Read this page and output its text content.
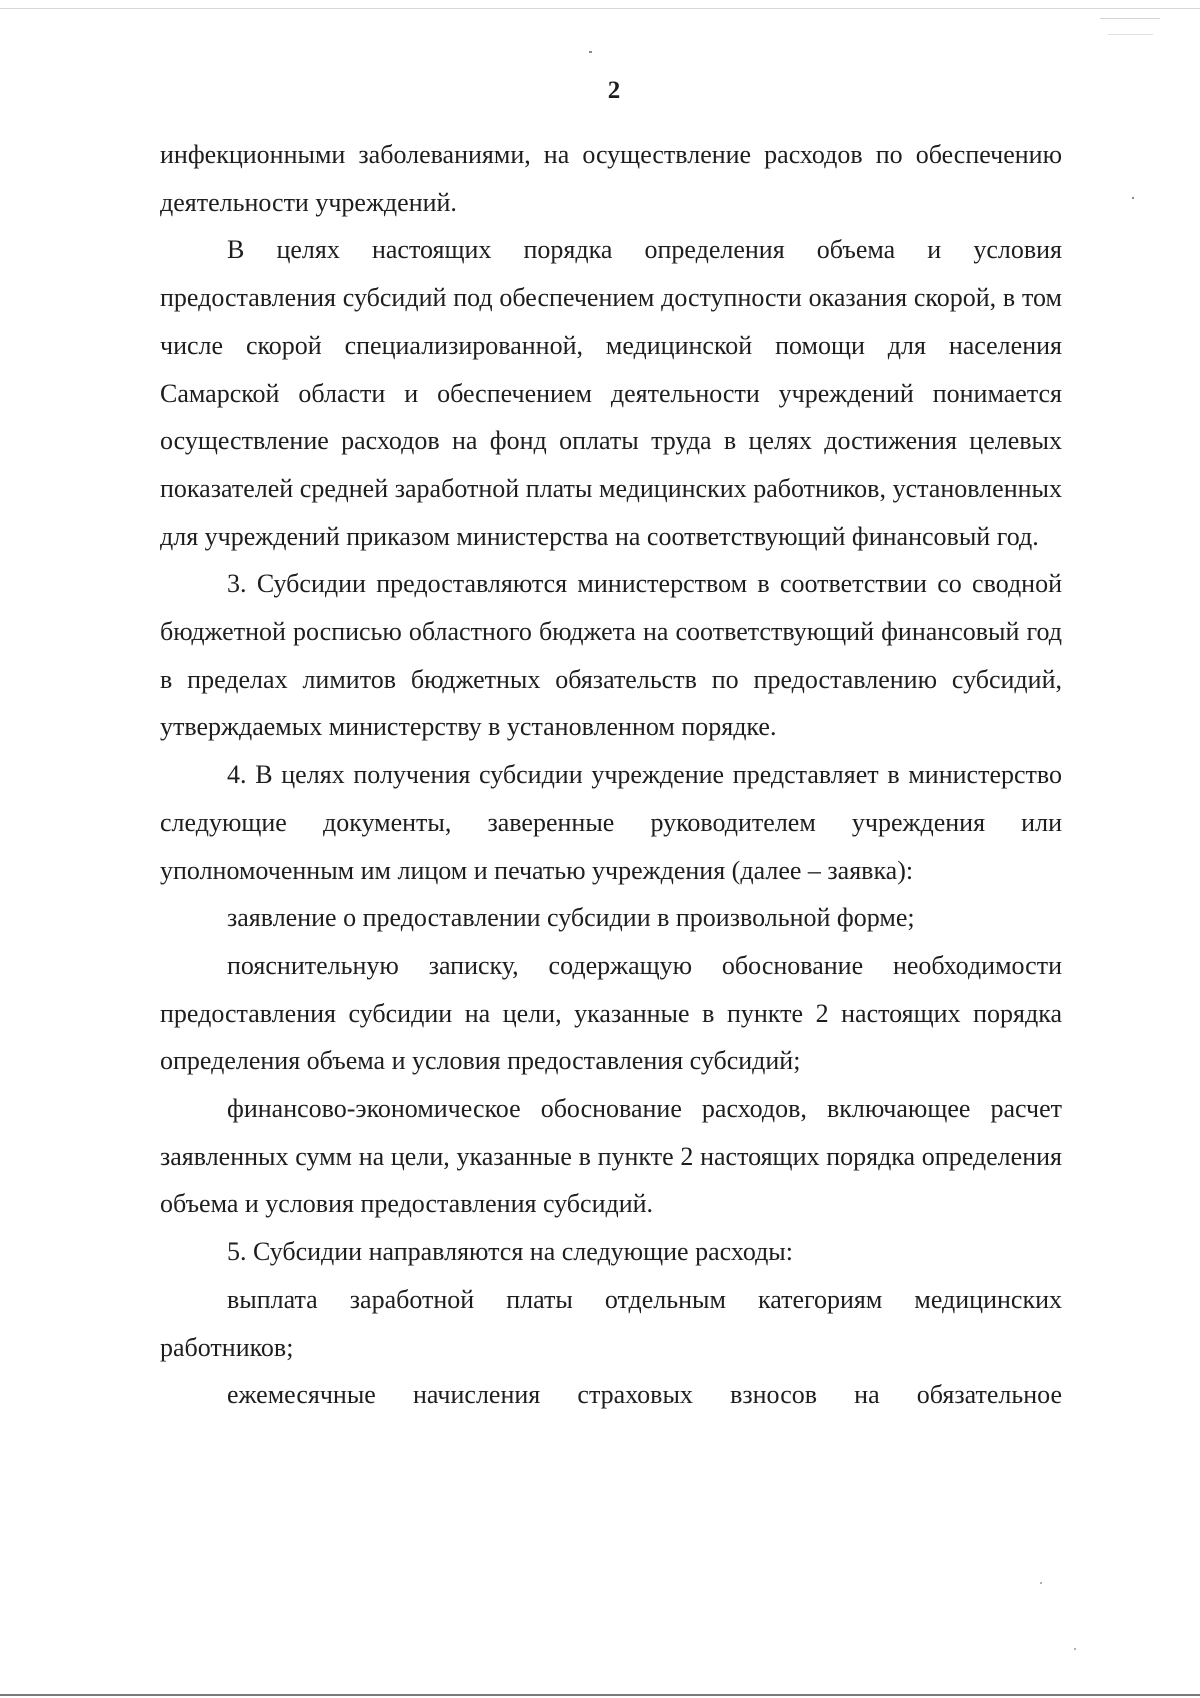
2

инфекционными заболеваниями, на осуществление расходов по обеспечению деятельности учреждений.

В целях настоящих порядка определения объема и условия предоставления субсидий под обеспечением доступности оказания скорой, в том числе скорой специализированной, медицинской помощи для населения Самарской области и обеспечением деятельности учреждений понимается осуществление расходов на фонд оплаты труда в целях достижения целевых показателей средней заработной платы медицинских работников, установленных для учреждений приказом министерства на соответствующий финансовый год.

3. Субсидии предоставляются министерством в соответствии со сводной бюджетной росписью областного бюджета на соответствующий финансовый год в пределах лимитов бюджетных обязательств по предоставлению субсидий, утверждаемых министерству в установленном порядке.

4. В целях получения субсидии учреждение представляет в министерство следующие документы, заверенные руководителем учреждения или уполномоченным им лицом и печатью учреждения (далее – заявка):

заявление о предоставлении субсидии в произвольной форме;

пояснительную записку, содержащую обоснование необходимости предоставления субсидии на цели, указанные в пункте 2 настоящих порядка определения объема и условия предоставления субсидий;

финансово-экономическое обоснование расходов, включающее расчет заявленных сумм на цели, указанные в пункте 2 настоящих порядка определения объема и условия предоставления субсидий.

5. Субсидии направляются на следующие расходы:

выплата заработной платы отдельным категориям медицинских работников;

ежемесячные начисления страховых взносов на обязательное
